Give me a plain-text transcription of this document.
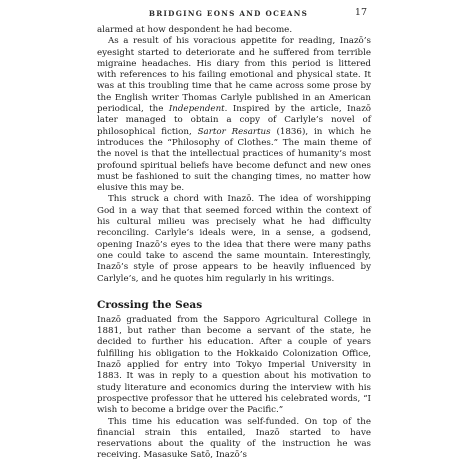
BRIDGING EONS AND OCEANS	17

alarmed at how despondent he had become.

As a result of his voracious appetite for reading, Inazō’s eyesight started to deteriorate and he suffered from terrible migraine headaches. His diary from this period is littered with references to his failing emotional and physical state. It was at this troubling time that he came across some prose by the English writer Thomas Carlyle published in an American periodical, the Independent. Inspired by the article, Inazō later managed to obtain a copy of Carlyle’s novel of philosophical fiction, Sartor Resartus (1836), in which he introduces the “Philosophy of Clothes.” The main theme of the novel is that the intellectual practices of humanity’s most profound spiritual beliefs have become defunct and new ones must be fashioned to suit the changing times, no matter how elusive this may be.

This struck a chord with Inazō. The idea of worshipping God in a way that that seemed forced within the context of his cultural milieu was precisely what he had difficulty reconciling. Carlyle’s ideals were, in a sense, a godsend, opening Inazō’s eyes to the idea that there were many paths one could take to ascend the same mountain. Interestingly, Inazō’s style of prose appears to be heavily influenced by Carlyle’s, and he quotes him regularly in his writings.

Crossing the Seas

Inazō graduated from the Sapporo Agricultural College in 1881, but rather than become a servant of the state, he decided to further his education. After a couple of years fulfilling his obligation to the Hokkaido Colonization Office, Inazō applied for entry into Tokyo Imperial University in 1883. It was in reply to a question about his motivation to study literature and economics during the interview with his prospective professor that he uttered his celebrated words, “I wish to become a bridge over the Pacific.”

This time his education was self-funded. On top of the financial strain this entailed, Inazō started to have reservations about the quality of the instruction he was receiving. Masasuke Satō, Inazō’s
